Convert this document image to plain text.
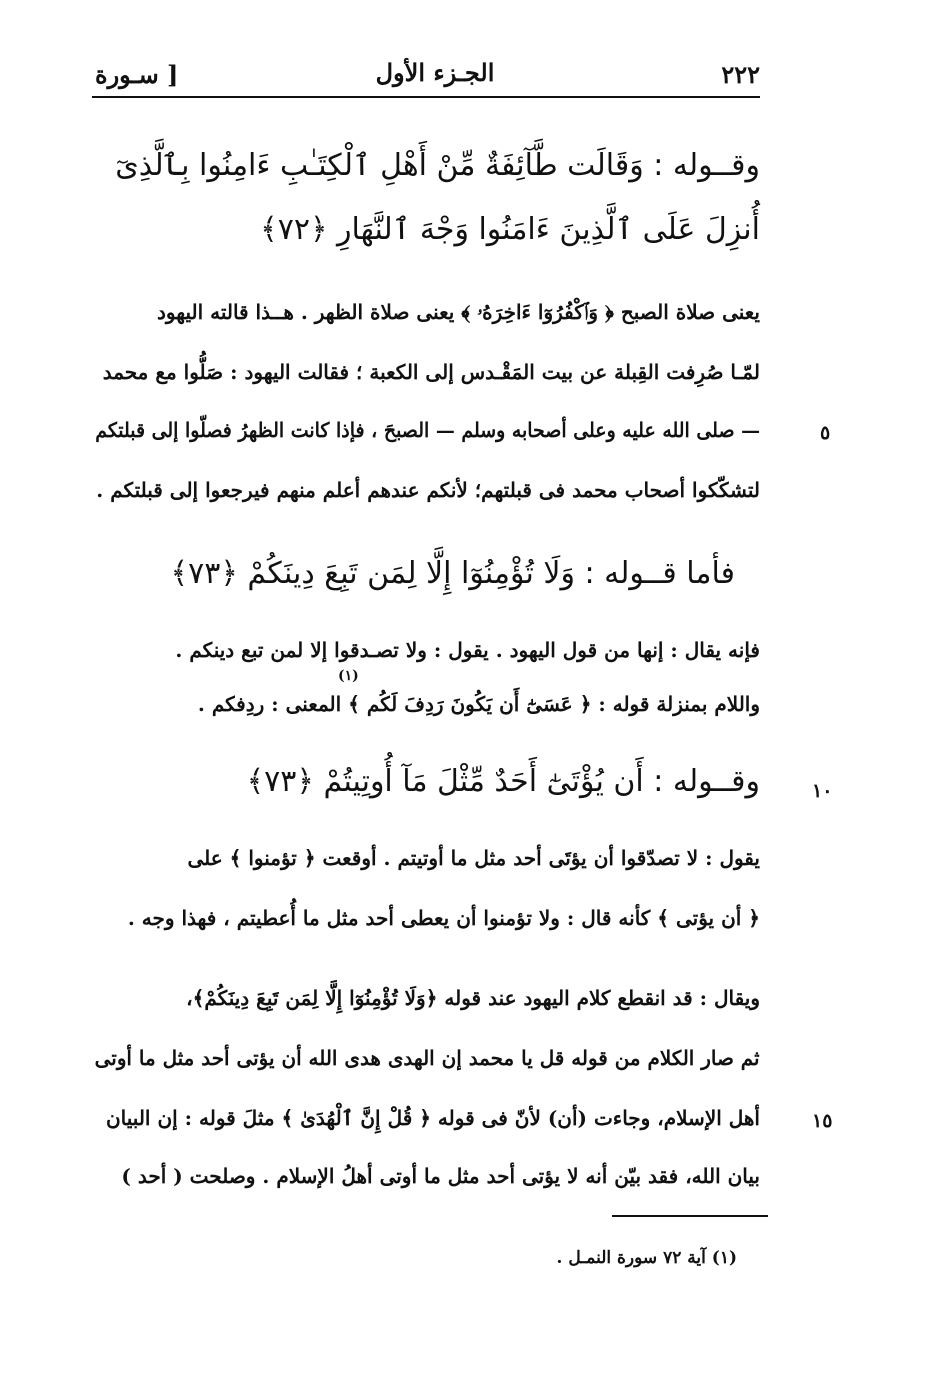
٢٢٢
الجـزء الأول
[ سـورة
وقــوله : وَقَالَت طَّآئِفَةٌ مِّنْ أَهْلِ ٱلْكِتَـٰبِ ءَامِنُوا بِٱلَّذِىٓ
أُنزِلَ عَلَى ٱلَّذِينَ ءَامَنُوا وَجْهَ ٱلنَّهَارِ ﴿٧٢﴾
يعنى صلاة الصبح ﴿ وَٱكْفُرُوٓا ءَاخِرَهُۥ ﴾ يعنى صلاة الظهر . هــذا قالته اليهود
لمّـا صُرِفت القِبلة عن بيت المَقْـدس إلى الكعبة ؛ فقالت اليهود : صَلُّوا مع محمد
— صلى الله عليه وعلى أصحابه وسلم — الصبحَ ، فإذا كانت الظهرُ فصلّوا إلى قبلتكم	٥
لتشكّكوا أصحاب محمد فى قبلتهم؛ لأنكم عندهم أعلم منهم فيرجعوا إلى قبلتكم .
فأما قــوله : وَلَا تُؤْمِنُوٓا إِلَّا لِمَن تَبِعَ دِينَكُمْ ﴿٧٣﴾
فإنه يقال : إنها من قول اليهود . يقول : ولا تصـدقوا إلا لمن تبع دينكم .
(١)
واللام بمنزلة قوله : ﴿ عَسَىٰٓ أَن يَكُونَ رَدِفَ لَكُم ﴾ المعنى : ردِفكم .
وقــوله : أَن يُؤْتَىٰٓ أَحَدٌ مِّثْلَ مَآ أُوتِيتُمْ ﴿٧٣﴾	١٠
يقول : لا تصدّقوا أن يؤتَى أحد مثل ما أوتيتم . أوقعت ﴿ تؤمنوا ﴾ على
﴿ أن يؤتى ﴾ كأنه قال : ولا تؤمنوا أن يعطى أحد مثل ما أُعطيتم ، فهذا وجه .
ويقال : قد انقطع كلام اليهود عند قوله ﴿وَلَا تُؤْمِنُوٓا إِلَّا لِمَن تَبِعَ دِينَكُمْ﴾،
ثم صار الكلام من قوله قل يا محمد إن الهدى هدى الله أن يؤتى أحد مثل ما أوتى
أهل الإسلام، وجاءت (أن) لأنّ فى قوله ﴿ قُلْ إِنَّ ٱلْهُدَىٰ ﴾ مثلَ قوله : إن البيان	١٥
بيان الله، فقد بيّن أنه لا يؤتى أحد مثل ما أوتى أهلُ الإسلام . وصلحت ( أحد )
(١) آية ٧٢ سورة النمـل .
